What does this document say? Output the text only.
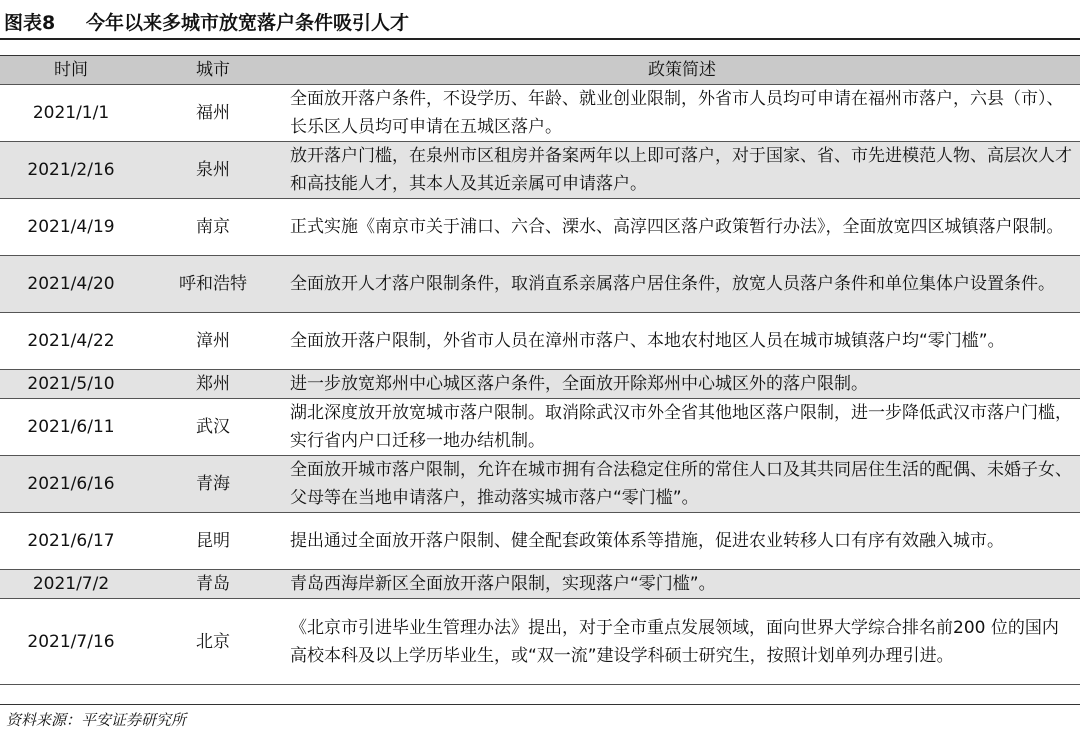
图表8 今年以来多城市放宽落户条件吸引人才
时间	城市	政策简述
2021/1/1	福州	全面放开落户条件，不设学历、年龄、就业创业限制，外省市人员均可申请在福州市落户，六县（市）、长乐区人员均可申请在五城区落户。
2021/2/16	泉州	放开落户门槛，在泉州市区租房并备案两年以上即可落户，对于国家、省、市先进模范人物、高层次人才和高技能人才，其本人及其近亲属可申请落户。
2021/4/19	南京	正式实施《南京市关于浦口、六合、溧水、高淳四区落户政策暂行办法》，全面放宽四区城镇落户限制。
2021/4/20	呼和浩特	全面放开人才落户限制条件，取消直系亲属落户居住条件，放宽人员落户条件和单位集体户设置条件。
2021/4/22	漳州	全面放开落户限制，外省市人员在漳州市落户、本地农村地区人员在城市城镇落户均“零门槛”。
2021/5/10	郑州	进一步放宽郑州中心城区落户条件，全面放开除郑州中心城区外的落户限制。
2021/6/11	武汉	湖北深度放开放宽城市落户限制。取消除武汉市外全省其他地区落户限制，进一步降低武汉市落户门槛，实行省内户口迁移一地办结机制。
2021/6/16	青海	全面放开城市落户限制，允许在城市拥有合法稳定住所的常住人口及其共同居住生活的配偶、未婚子女、父母等在当地申请落户，推动落实城市落户“零门槛”。
2021/6/17	昆明	提出通过全面放开落户限制、健全配套政策体系等措施，促进农业转移人口有序有效融入城市。
2021/7/2	青岛	青岛西海岸新区全面放开落户限制，实现落户“零门槛”。
2021/7/16	北京	《北京市引进毕业生管理办法》提出，对于全市重点发展领域，面向世界大学综合排名前200 位的国内高校本科及以上学历毕业生，或“双一流”建设学科硕士研究生，按照计划单列办理引进。
资料来源：平安证券研究所
